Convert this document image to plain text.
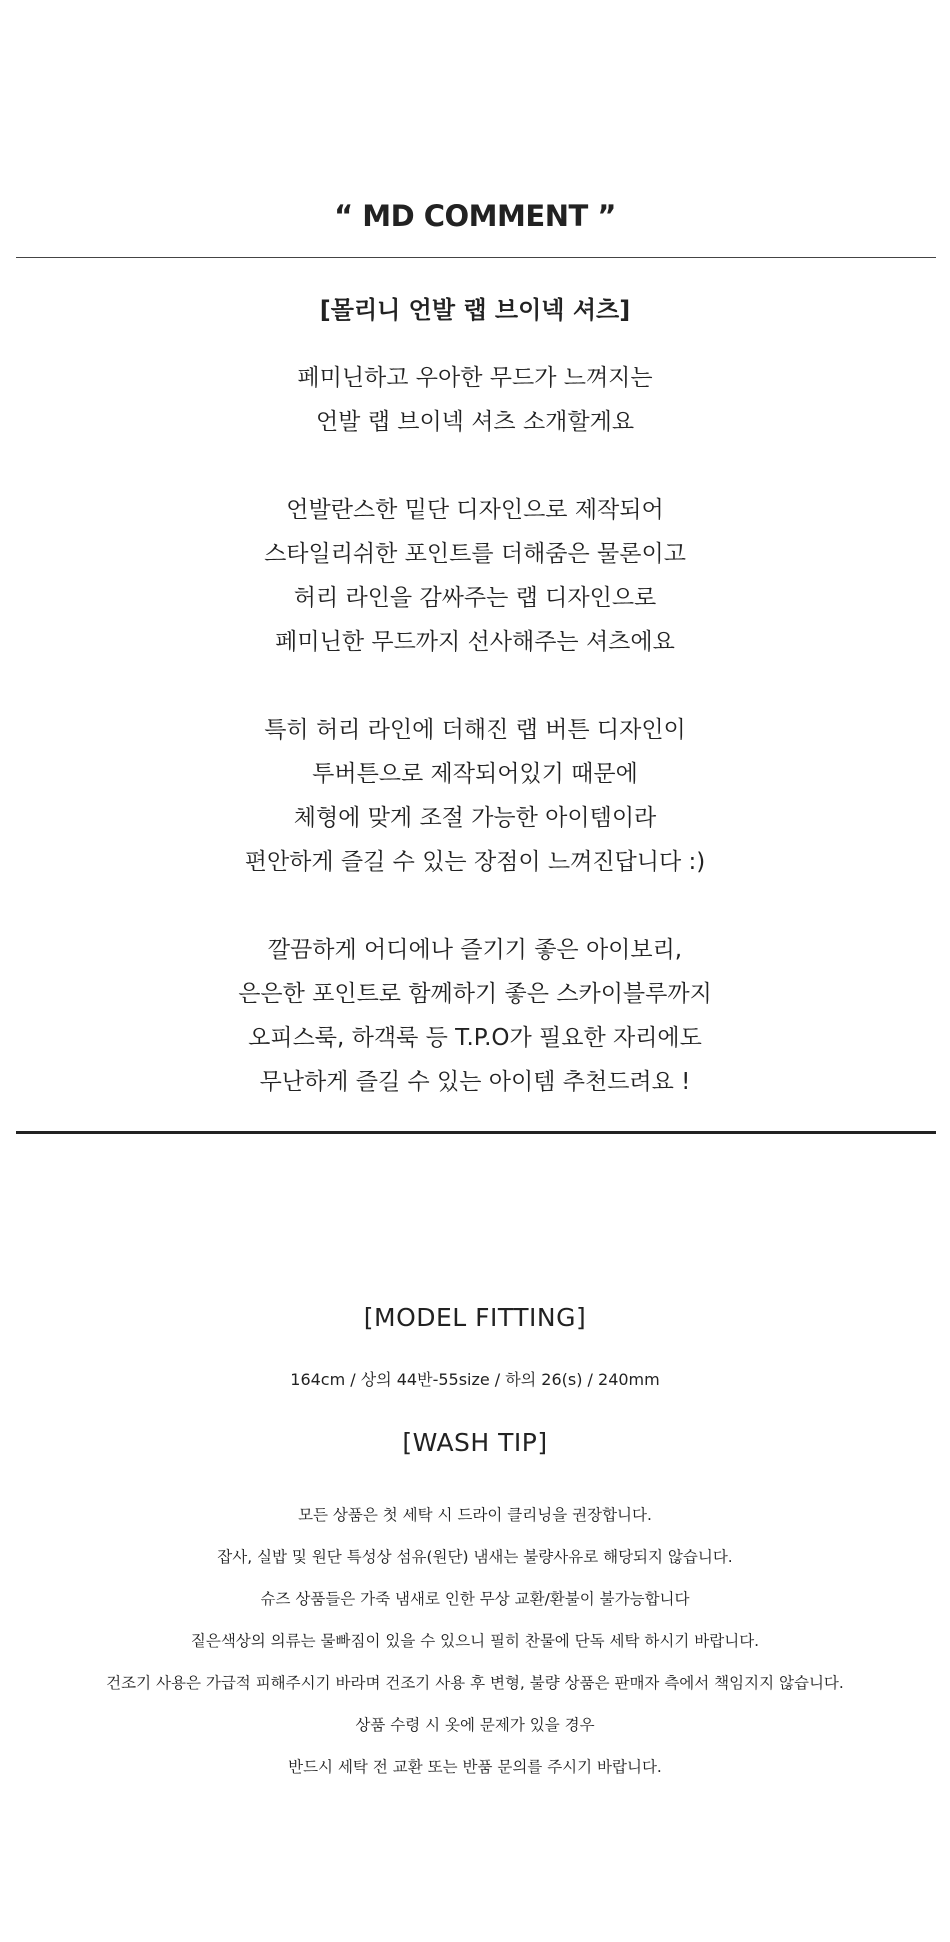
“ MD COMMENT ”
[몰리니 언발 랩 브이넥 셔츠]
페미닌하고 우아한 무드가 느껴지는
언발 랩 브이넥 셔츠 소개할게요
언발란스한 밑단 디자인으로 제작되어
스타일리쉬한 포인트를 더해줌은 물론이고
허리 라인을 감싸주는 랩 디자인으로
페미닌한 무드까지 선사해주는 셔츠에요
특히 허리 라인에 더해진 랩 버튼 디자인이
투버튼으로 제작되어있기 때문에
체형에 맞게 조절 가능한 아이템이라
편안하게 즐길 수 있는 장점이 느껴진답니다 :)
깔끔하게 어디에나 즐기기 좋은 아이보리,
은은한 포인트로 함께하기 좋은 스카이블루까지
오피스룩, 하객룩 등 T.P.O가 필요한 자리에도
무난하게 즐길 수 있는 아이템 추천드려요 !
[MODEL FITTING]
164cm / 상의 44반-55size / 하의 26(s) / 240mm
[WASH TIP]
모든 상품은 첫 세탁 시 드라이 클리닝을 권장합니다.
잡사, 실밥 및 원단 특성상 섬유(원단) 냄새는 불량사유로 해당되지 않습니다.
슈즈 상품들은 가죽 냄새로 인한 무상 교환/환불이 불가능합니다
짙은색상의 의류는 물빠짐이 있을 수 있으니 필히 찬물에 단독 세탁 하시기 바랍니다.
건조기 사용은 가급적 피해주시기 바라며 건조기 사용 후 변형, 불량 상품은 판매자 측에서 책임지지 않습니다.
상품 수령 시 옷에 문제가 있을 경우
반드시 세탁 전 교환 또는 반품 문의를 주시기 바랍니다.
